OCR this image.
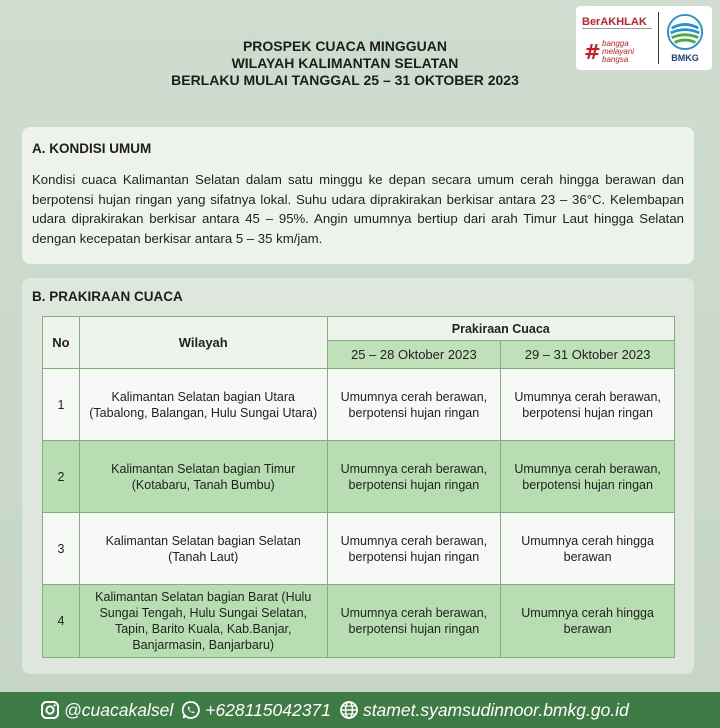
PROSPEK CUACA MINGGUAN
WILAYAH KALIMANTAN SELATAN
BERLAKU MULAI TANGGAL 25 – 31 OKTOBER 2023
BerAKHLAK
# bangga
melayani
bangsa	BMKG
A. KONDISI UMUM
Kondisi cuaca Kalimantan Selatan dalam satu minggu ke depan secara umum cerah hingga berawan dan berpotensi hujan ringan yang sifatnya lokal. Suhu udara diprakirakan berkisar antara 23 – 36°C. Kelembapan udara diprakirakan berkisar antara 45 – 95%. Angin umumnya bertiup dari arah Timur Laut hingga Selatan dengan kecepatan berkisar antara 5 – 35 km/jam.
B. PRAKIRAAN CUACA
No	Wilayah	Prakiraan Cuaca	
		25 – 28 Oktober 2023	29 – 31 Oktober 2023
1	Kalimantan Selatan bagian Utara (Tabalong, Balangan, Hulu Sungai Utara)	Umumnya cerah berawan, berpotensi hujan ringan	Umumnya cerah berawan, berpotensi hujan ringan
2	Kalimantan Selatan bagian Timur (Kotabaru, Tanah Bumbu)	Umumnya cerah berawan, berpotensi hujan ringan	Umumnya cerah berawan, berpotensi hujan ringan
3	Kalimantan Selatan bagian Selatan (Tanah Laut)	Umumnya cerah berawan, berpotensi hujan ringan	Umumnya cerah hingga berawan
4	Kalimantan Selatan bagian Barat (Hulu Sungai Tengah, Hulu Sungai Selatan, Tapin, Barito Kuala, Kab.Banjar, Banjarmasin, Banjarbaru)	Umumnya cerah berawan, berpotensi hujan ringan	Umumnya cerah hingga berawan
@cuacakalsel +628115042371 stamet.syamsudinnoor.bmkg.go.id
